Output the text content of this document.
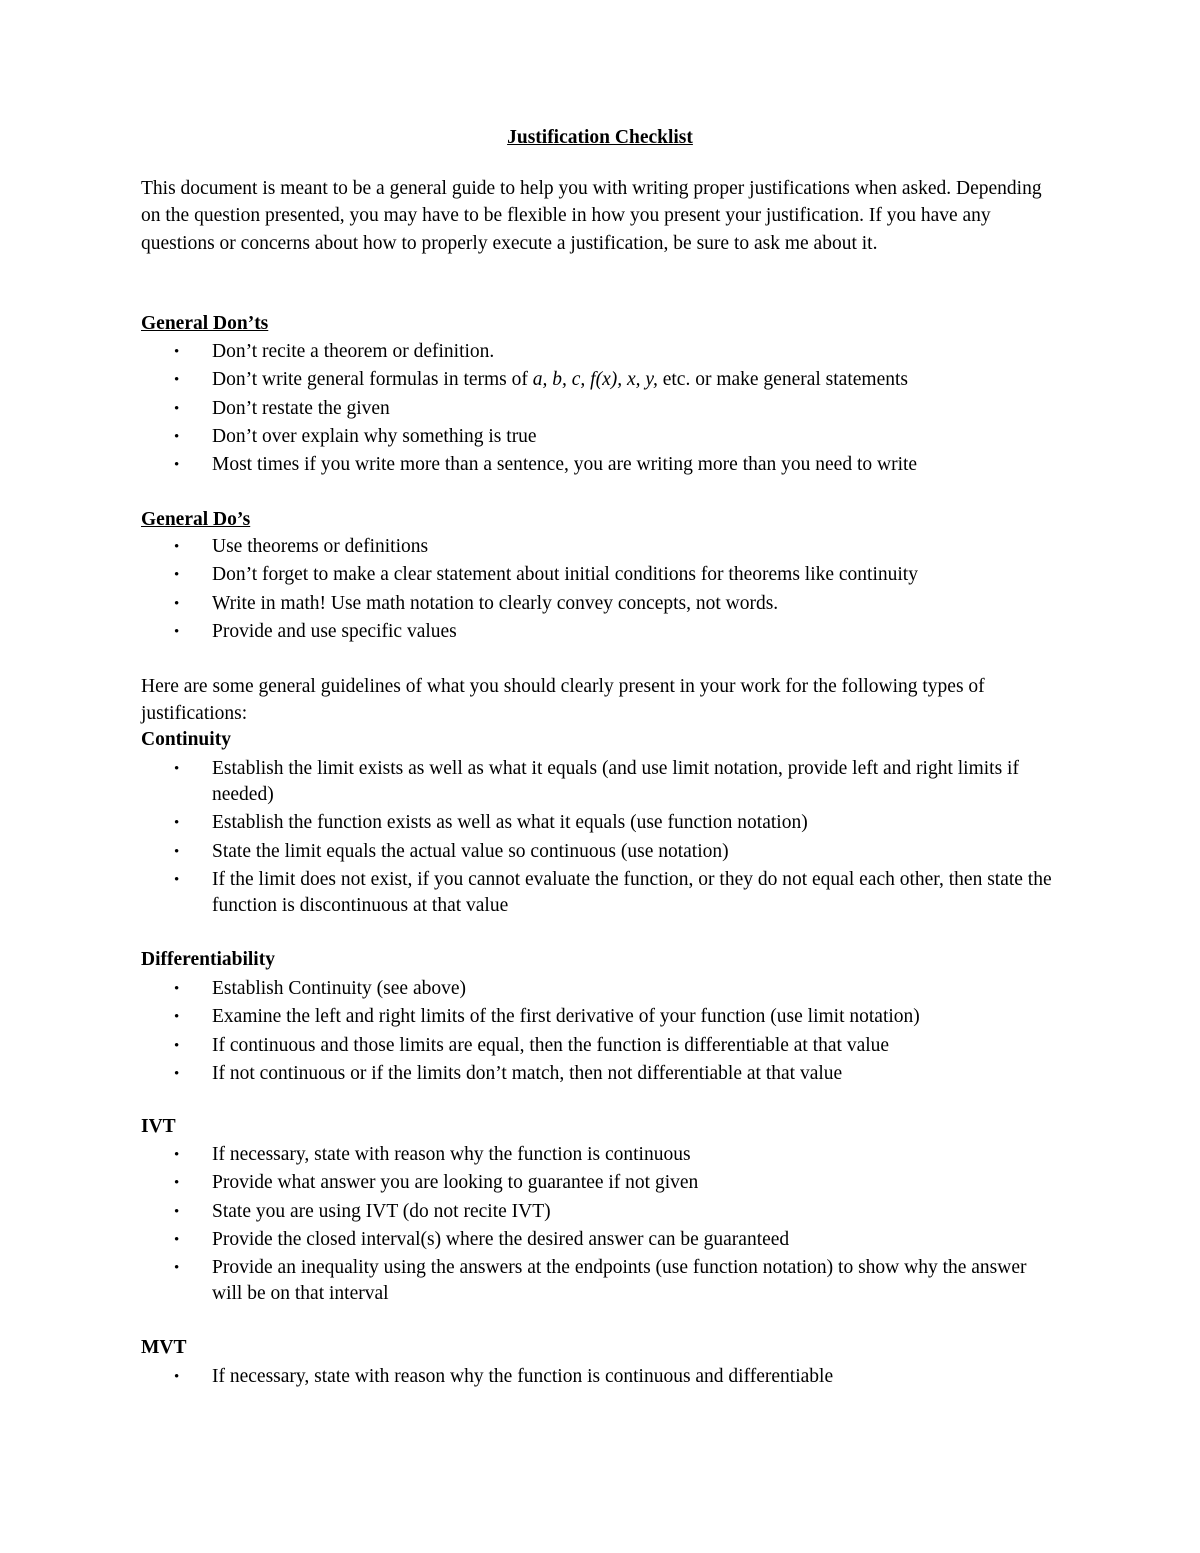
Justification Checklist

This document is meant to be a general guide to help you with writing proper justifications when asked. Depending on the question presented, you may have to be flexible in how you present your justification. If you have any questions or concerns about how to properly execute a justification, be sure to ask me about it.

General Don’ts
• Don’t recite a theorem or definition.
• Don’t write general formulas in terms of a, b, c, f(x), x, y, etc. or make general statements
• Don’t restate the given
• Don’t over explain why something is true
• Most times if you write more than a sentence, you are writing more than you need to write
General Do’s
• Use theorems or definitions
• Don’t forget to make a clear statement about initial conditions for theorems like continuity
• Write in math! Use math notation to clearly convey concepts, not words.
• Provide and use specific values

Here are some general guidelines of what you should clearly present in your work for the following types of justifications:

Continuity
• Establish the limit exists as well as what it equals (and use limit notation, provide left and right limits if needed)
• Establish the function exists as well as what it equals (use function notation)
• State the limit equals the actual value so continuous (use notation)
• If the limit does not exist, if you cannot evaluate the function, or they do not equal each other, then state the function is discontinuous at that value
Differentiability
• Establish Continuity (see above)
• Examine the left and right limits of the first derivative of your function (use limit notation)
• If continuous and those limits are equal, then the function is differentiable at that value
• If not continuous or if the limits don’t match, then not differentiable at that value
IVT
• If necessary, state with reason why the function is continuous
• Provide what answer you are looking to guarantee if not given
• State you are using IVT (do not recite IVT)
• Provide the closed interval(s) where the desired answer can be guaranteed
• Provide an inequality using the answers at the endpoints (use function notation) to show why the answer will be on that interval
MVT
• If necessary, state with reason why the function is continuous and differentiable
